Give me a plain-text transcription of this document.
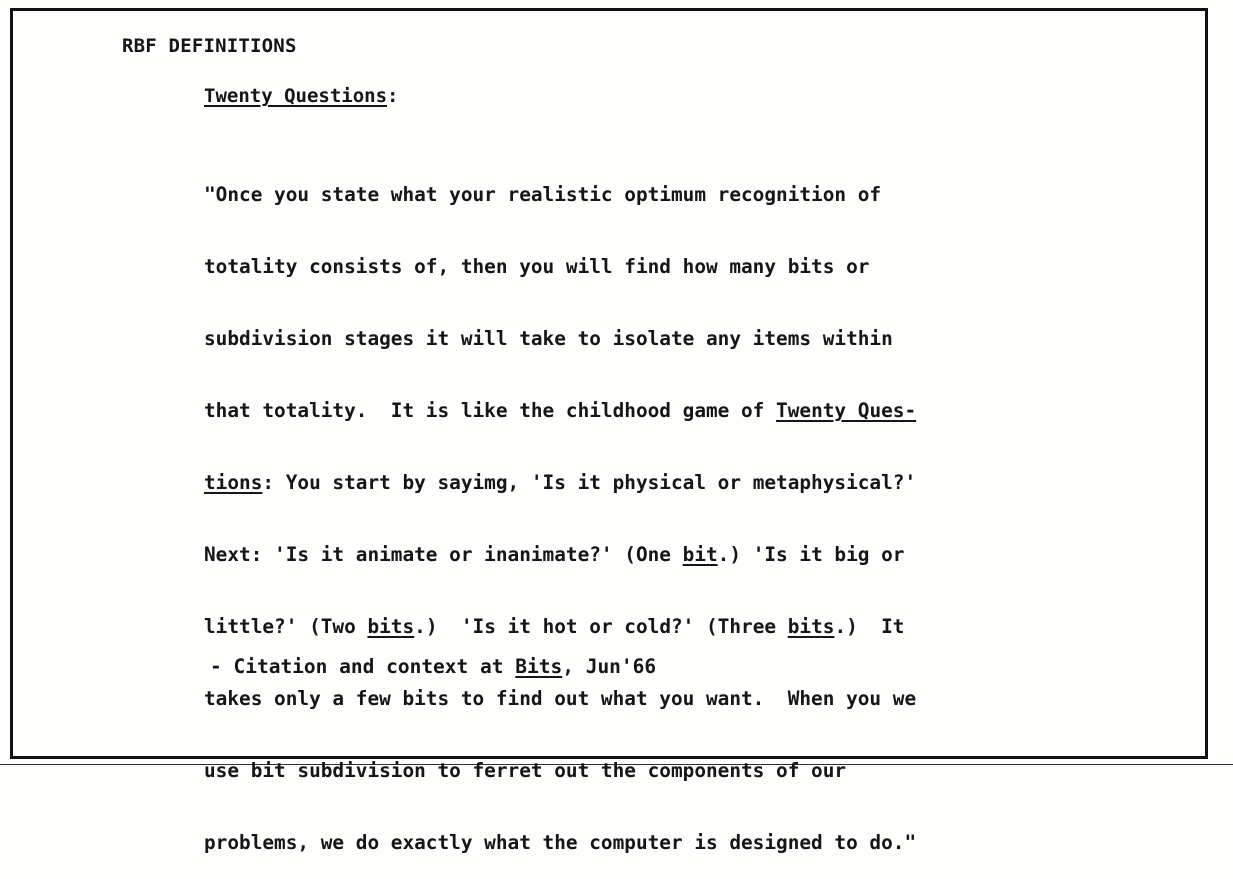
RBF DEFINITIONS
Twenty Questions:

"Once you state what your realistic optimum recognition of

totality consists of, then you will find how many bits or

subdivision stages it will take to isolate any items within

that totality.  It is like the childhood game of Twenty Ques-

tions: You start by sayimg, 'Is it physical or metaphysical?'

Next: 'Is it animate or inanimate?' (One bit.) 'Is it big or

little?' (Two bits.)  'Is it hot or cold?' (Three bits.)  It

takes only a few bits to find out what you want.  When you we

use bit subdivision to ferret out the components of our

problems, we do exactly what the computer is designed to do."

- Citation and context at Bits, Jun'66
